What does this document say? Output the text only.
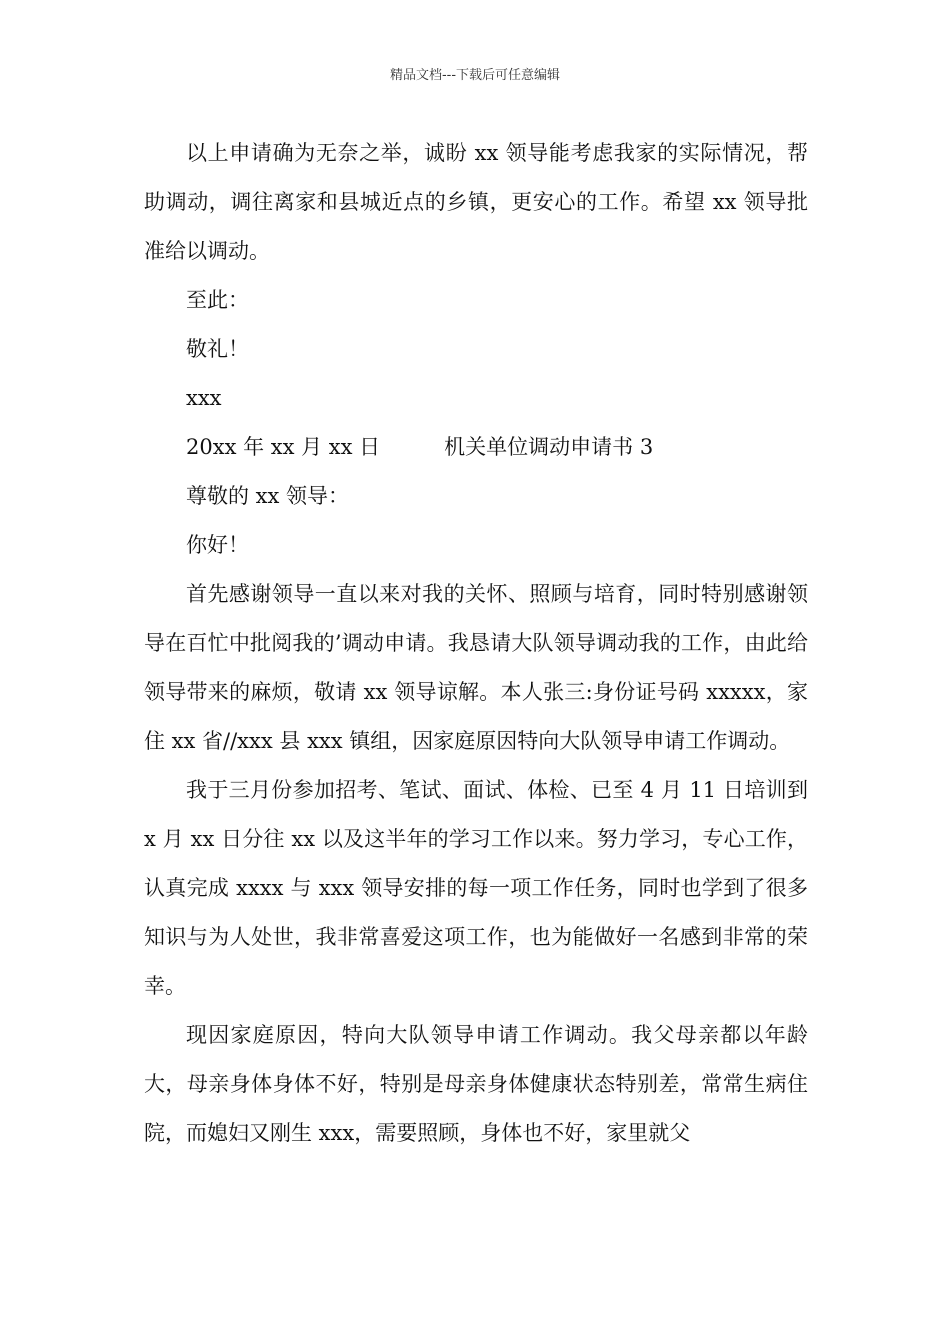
精品文档---下载后可任意编辑

以上申请确为无奈之举，诚盼 xx 领导能考虑我家的实际情况，帮助调动，调往离家和县城近点的乡镇，更安心的工作。希望 xx 领导批准给以调动。

至此：

敬礼！

xxx

20xx 年 xx 月 xx 日	机关单位调动申请书 3

尊敬的 xx 领导：

你好！

首先感谢领导一直以来对我的关怀、照顾与培育，同时特别感谢领导在百忙中批阅我的’调动申请。我恳请大队领导调动我的工作，由此给领导带来的麻烦，敬请 xx 领导谅解。本人张三:身份证号码 xxxxx，家住 xx 省//xxx 县 xxx 镇组，因家庭原因特向大队领导申请工作调动。

我于三月份参加招考、笔试、面试、体检、已至 4 月 11 日培训到 x 月 xx 日分往 xx 以及这半年的学习工作以来。努力学习，专心工作，认真完成 xxxx 与 xxx 领导安排的每一项工作任务，同时也学到了很多知识与为人处世，我非常喜爱这项工作，也为能做好一名感到非常的荣幸。

现因家庭原因，特向大队领导申请工作调动。我父母亲都以年龄大，母亲身体身体不好，特别是母亲身体健康状态特别差，常常生病住院，而媳妇又刚生 xxx，需要照顾，身体也不好，家里就父
